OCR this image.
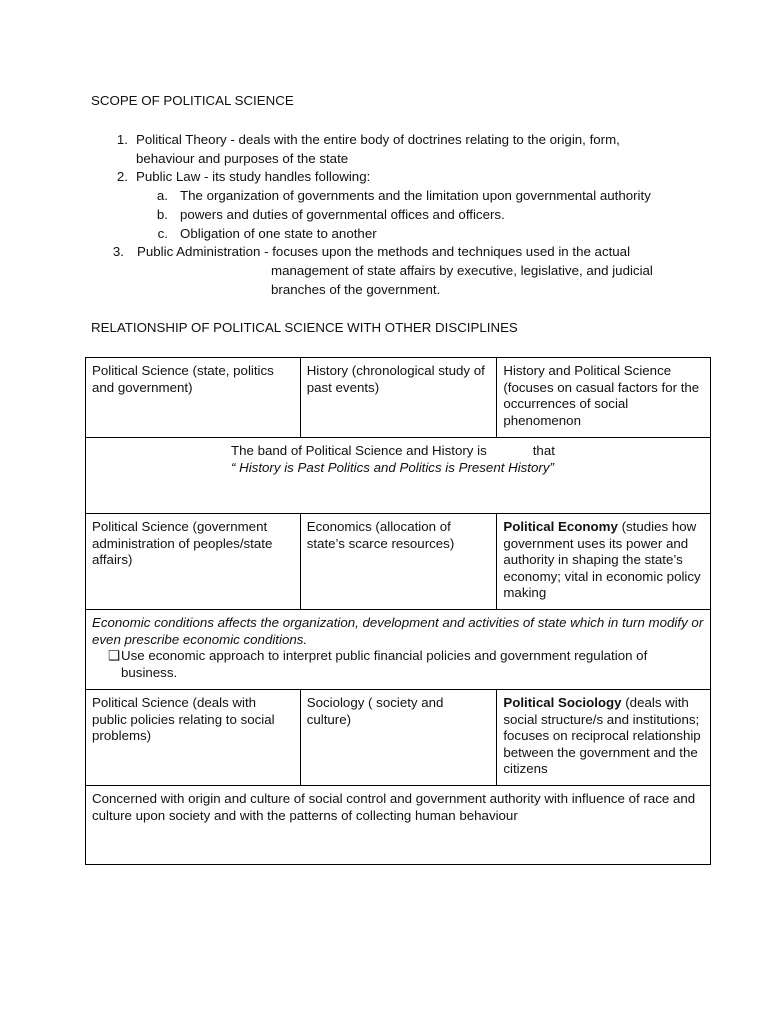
SCOPE OF POLITICAL SCIENCE
1. Political Theory - deals with the entire body of doctrines relating to the origin, form,
behaviour and purposes of the state
2. Public Law - its study handles following:
a. The organization of governments and the limitation upon governmental authority
b. powers and duties of governmental offices and officers.
c. Obligation of one state to another
3. Public Administration - focuses upon the methods and techniques used in the actual
management of state affairs by executive, legislative, and judicial
branches of the government.
RELATIONSHIP OF POLITICAL SCIENCE WITH OTHER DISCIPLINES
Political Science (state, politics and government)	History (chronological study of past events)	History and Political Science (focuses on casual factors for the occurrences of social phenomenon

The band of Political Science and History is that
“ History is Past Politics and Politics is Present History”		

Political Science (government administration of peoples/state affairs)	Economics (allocation of state’s scarce resources)	Political Economy (studies how government uses its power and authority in shaping the state’s economy; vital in economic policy making

Economic conditions affects the organization, development and activities of state which in turn modify or even prescribe economic conditions.
❑Use economic approach to interpret public financial policies and government regulation of
business.		

Political Science (deals with public policies relating to social problems)	Sociology ( society and culture)	Political Sociology (deals with social structure/s and institutions; focuses on reciprocal relationship between the government and the citizens
Concerned with origin and culture of social control and government authority with influence of race and culture upon society and with the patterns of collecting human behaviour		
